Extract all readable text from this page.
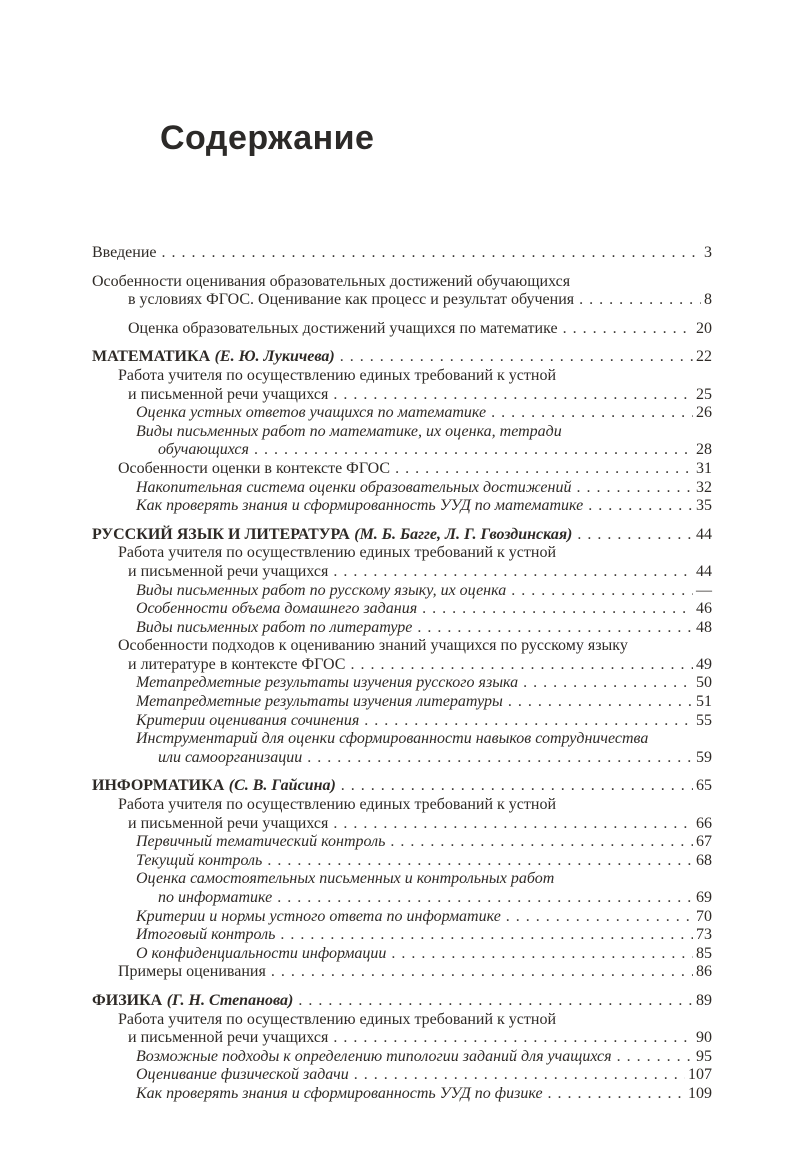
Содержание
Введение . . .	3
Особенности оценивания образовательных достижений обучающихся
в условиях ФГОС. Оценивание как процесс и результат обучения . . .	8
Оценка образовательных достижений учащихся по математике . . .	20
МАТЕМАТИКА (Е. Ю. Лукичева) . . .	22
Работа учителя по осуществлению единых требований к устной
и письменной речи учащихся . . .	25
Оценка устных ответов учащихся по математике . . .	26
Виды письменных работ по математике, их оценка, тетради
обучающихся . . .	28
Особенности оценки в контексте ФГОС . . .	31
Накопительная система оценки образовательных достижений . . .	32
Как проверять знания и сформированность УУД по математике . . .	35
РУССКИЙ ЯЗЫК И ЛИТЕРАТУРА (М. Б. Багге, Л. Г. Гвоздинская) . . .	44
Работа учителя по осуществлению единых требований к устной
и письменной речи учащихся . . .	44
Виды письменных работ по русскому языку, их оценка . . .	—
Особенности объема домашнего задания . . .	46
Виды письменных работ по литературе . . .	48
Особенности подходов к оцениванию знаний учащихся по русскому языку
и литературе в контексте ФГОС . . .	49
Метапредметные результаты изучения русского языка . . .	50
Метапредметные результаты изучения литературы . . .	51
Критерии оценивания сочинения . . .	55
Инструментарий для оценки сформированности навыков сотрудничества
или самоорганизации . . .	59
ИНФОРМАТИКА (С. В. Гайсина) . . .	65
Работа учителя по осуществлению единых требований к устной
и письменной речи учащихся . . .	66
Первичный тематический контроль . . .	67
Текущий контроль . . .	68
Оценка самостоятельных письменных и контрольных работ
по информатике . . .	69
Критерии и нормы устного ответа по информатике . . .	70
Итоговый контроль . . .	73
О конфиденциальности информации . . .	85
Примеры оценивания . . .	86
ФИЗИКА (Г. Н. Степанова) . . .	89
Работа учителя по осуществлению единых требований к устной
и письменной речи учащихся . . .	90
Возможные подходы к определению типологии заданий для учащихся . . .	95
Оценивание физической задачи . . .	107
Как проверять знания и сформированность УУД по физике . . .	109
